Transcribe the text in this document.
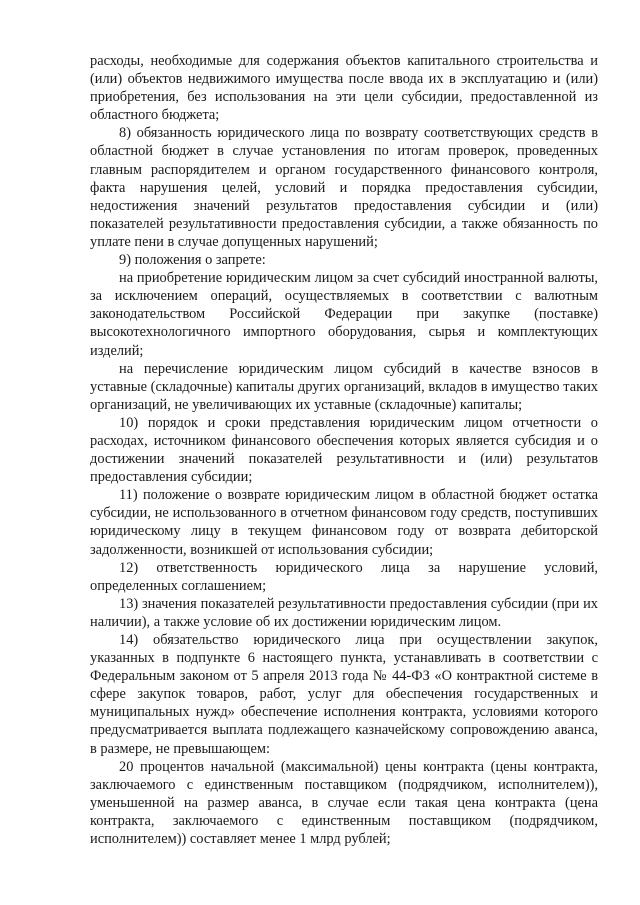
расходы, необходимые для содержания объектов капитального строительства и (или) объектов недвижимого имущества после ввода их в эксплуатацию и (или) приобретения, без использования на эти цели субсидии, предоставленной из областного бюджета;

8) обязанность юридического лица по возврату соответствующих средств в областной бюджет в случае установления по итогам проверок, проведенных главным распорядителем и органом государственного финансового контроля, факта нарушения целей, условий и порядка предоставления субсидии, недостижения значений результатов предоставления субсидии и (или) показателей результативности предоставления субсидии, а также обязанность по уплате пени в случае допущенных нарушений;

9) положения о запрете:

на приобретение юридическим лицом за счет субсидий иностранной валюты, за исключением операций, осуществляемых в соответствии с валютным законодательством Российской Федерации при закупке (поставке) высокотехнологичного импортного оборудования, сырья и комплектующих изделий;

на перечисление юридическим лицом субсидий в качестве взносов в уставные (складочные) капиталы других организаций, вкладов в имущество таких организаций, не увеличивающих их уставные (складочные) капиталы;

10) порядок и сроки представления юридическим лицом отчетности о расходах, источником финансового обеспечения которых является субсидия и о достижении значений показателей результативности и (или) результатов предоставления субсидии;

11) положение о возврате юридическим лицом в областной бюджет остатка субсидии, не использованного в отчетном финансовом году средств, поступивших юридическому лицу в текущем финансовом году от возврата дебиторской задолженности, возникшей от использования субсидии;

12) ответственность юридического лица за нарушение условий, определенных соглашением;

13) значения показателей результативности предоставления субсидии (при их наличии), а также условие об их достижении юридическим лицом.

14) обязательство юридического лица при осуществлении закупок, указанных в подпункте 6 настоящего пункта, устанавливать в соответствии с Федеральным законом от 5 апреля 2013 года № 44-ФЗ «О контрактной системе в сфере закупок товаров, работ, услуг для обеспечения государственных и муниципальных нужд» обеспечение исполнения контракта, условиями которого предусматривается выплата подлежащего казначейскому сопровождению аванса, в размере, не превышающем:

20 процентов начальной (максимальной) цены контракта (цены контракта, заключаемого с единственным поставщиком (подрядчиком, исполнителем)), уменьшенной на размер аванса, в случае если такая цена контракта (цена контракта, заключаемого с единственным поставщиком (подрядчиком, исполнителем)) составляет менее 1 млрд рублей;
